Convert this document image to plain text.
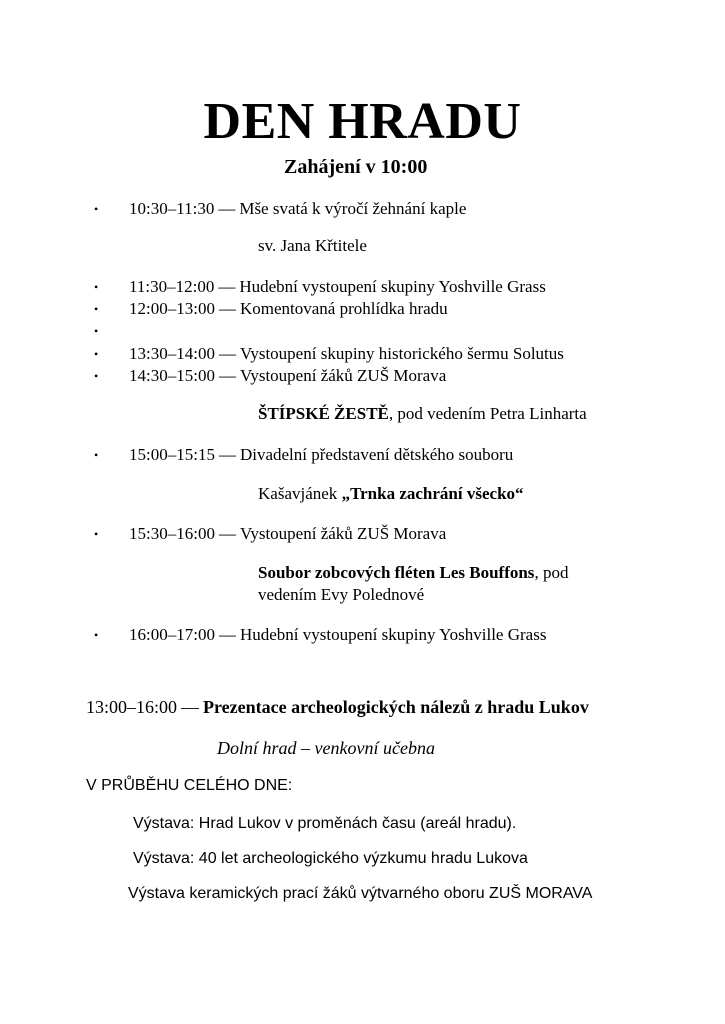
DEN HRADU
Zahájení v 10:00
• 10:30–11:30 — Mše svatá k výročí žehnání kaple
sv. Jana Křtitele
• 11:30–12:00 — Hudební vystoupení skupiny Yoshville Grass
• 12:00–13:00 — Komentovaná prohlídka hradu
•
• 13:30–14:00 — Vystoupení skupiny historického šermu Solutus
• 14:30–15:00 — Vystoupení žáků ZUŠ Morava
ŠTÍPSKÉ ŽESTĚ, pod vedením Petra Linharta
• 15:00–15:15 — Divadelní představení dětského souboru
Kašavjánek „Trnka zachrání všecko“
• 15:30–16:00 — Vystoupení žáků ZUŠ Morava
Soubor zobcových fléten Les Bouffons, pod
vedením Evy Polednové
• 16:00–17:00 — Hudební vystoupení skupiny Yoshville Grass
13:00–16:00 — Prezentace archeologických nálezů z hradu Lukov
Dolní hrad – venkovní učebna
V PRŮBĚHU CELÉHO DNE:
Výstava: Hrad Lukov v proměnách času (areál hradu).
Výstava: 40 let archeologického výzkumu hradu Lukova
Výstava keramických prací žáků výtvarného oboru ZUŠ MORAVA
